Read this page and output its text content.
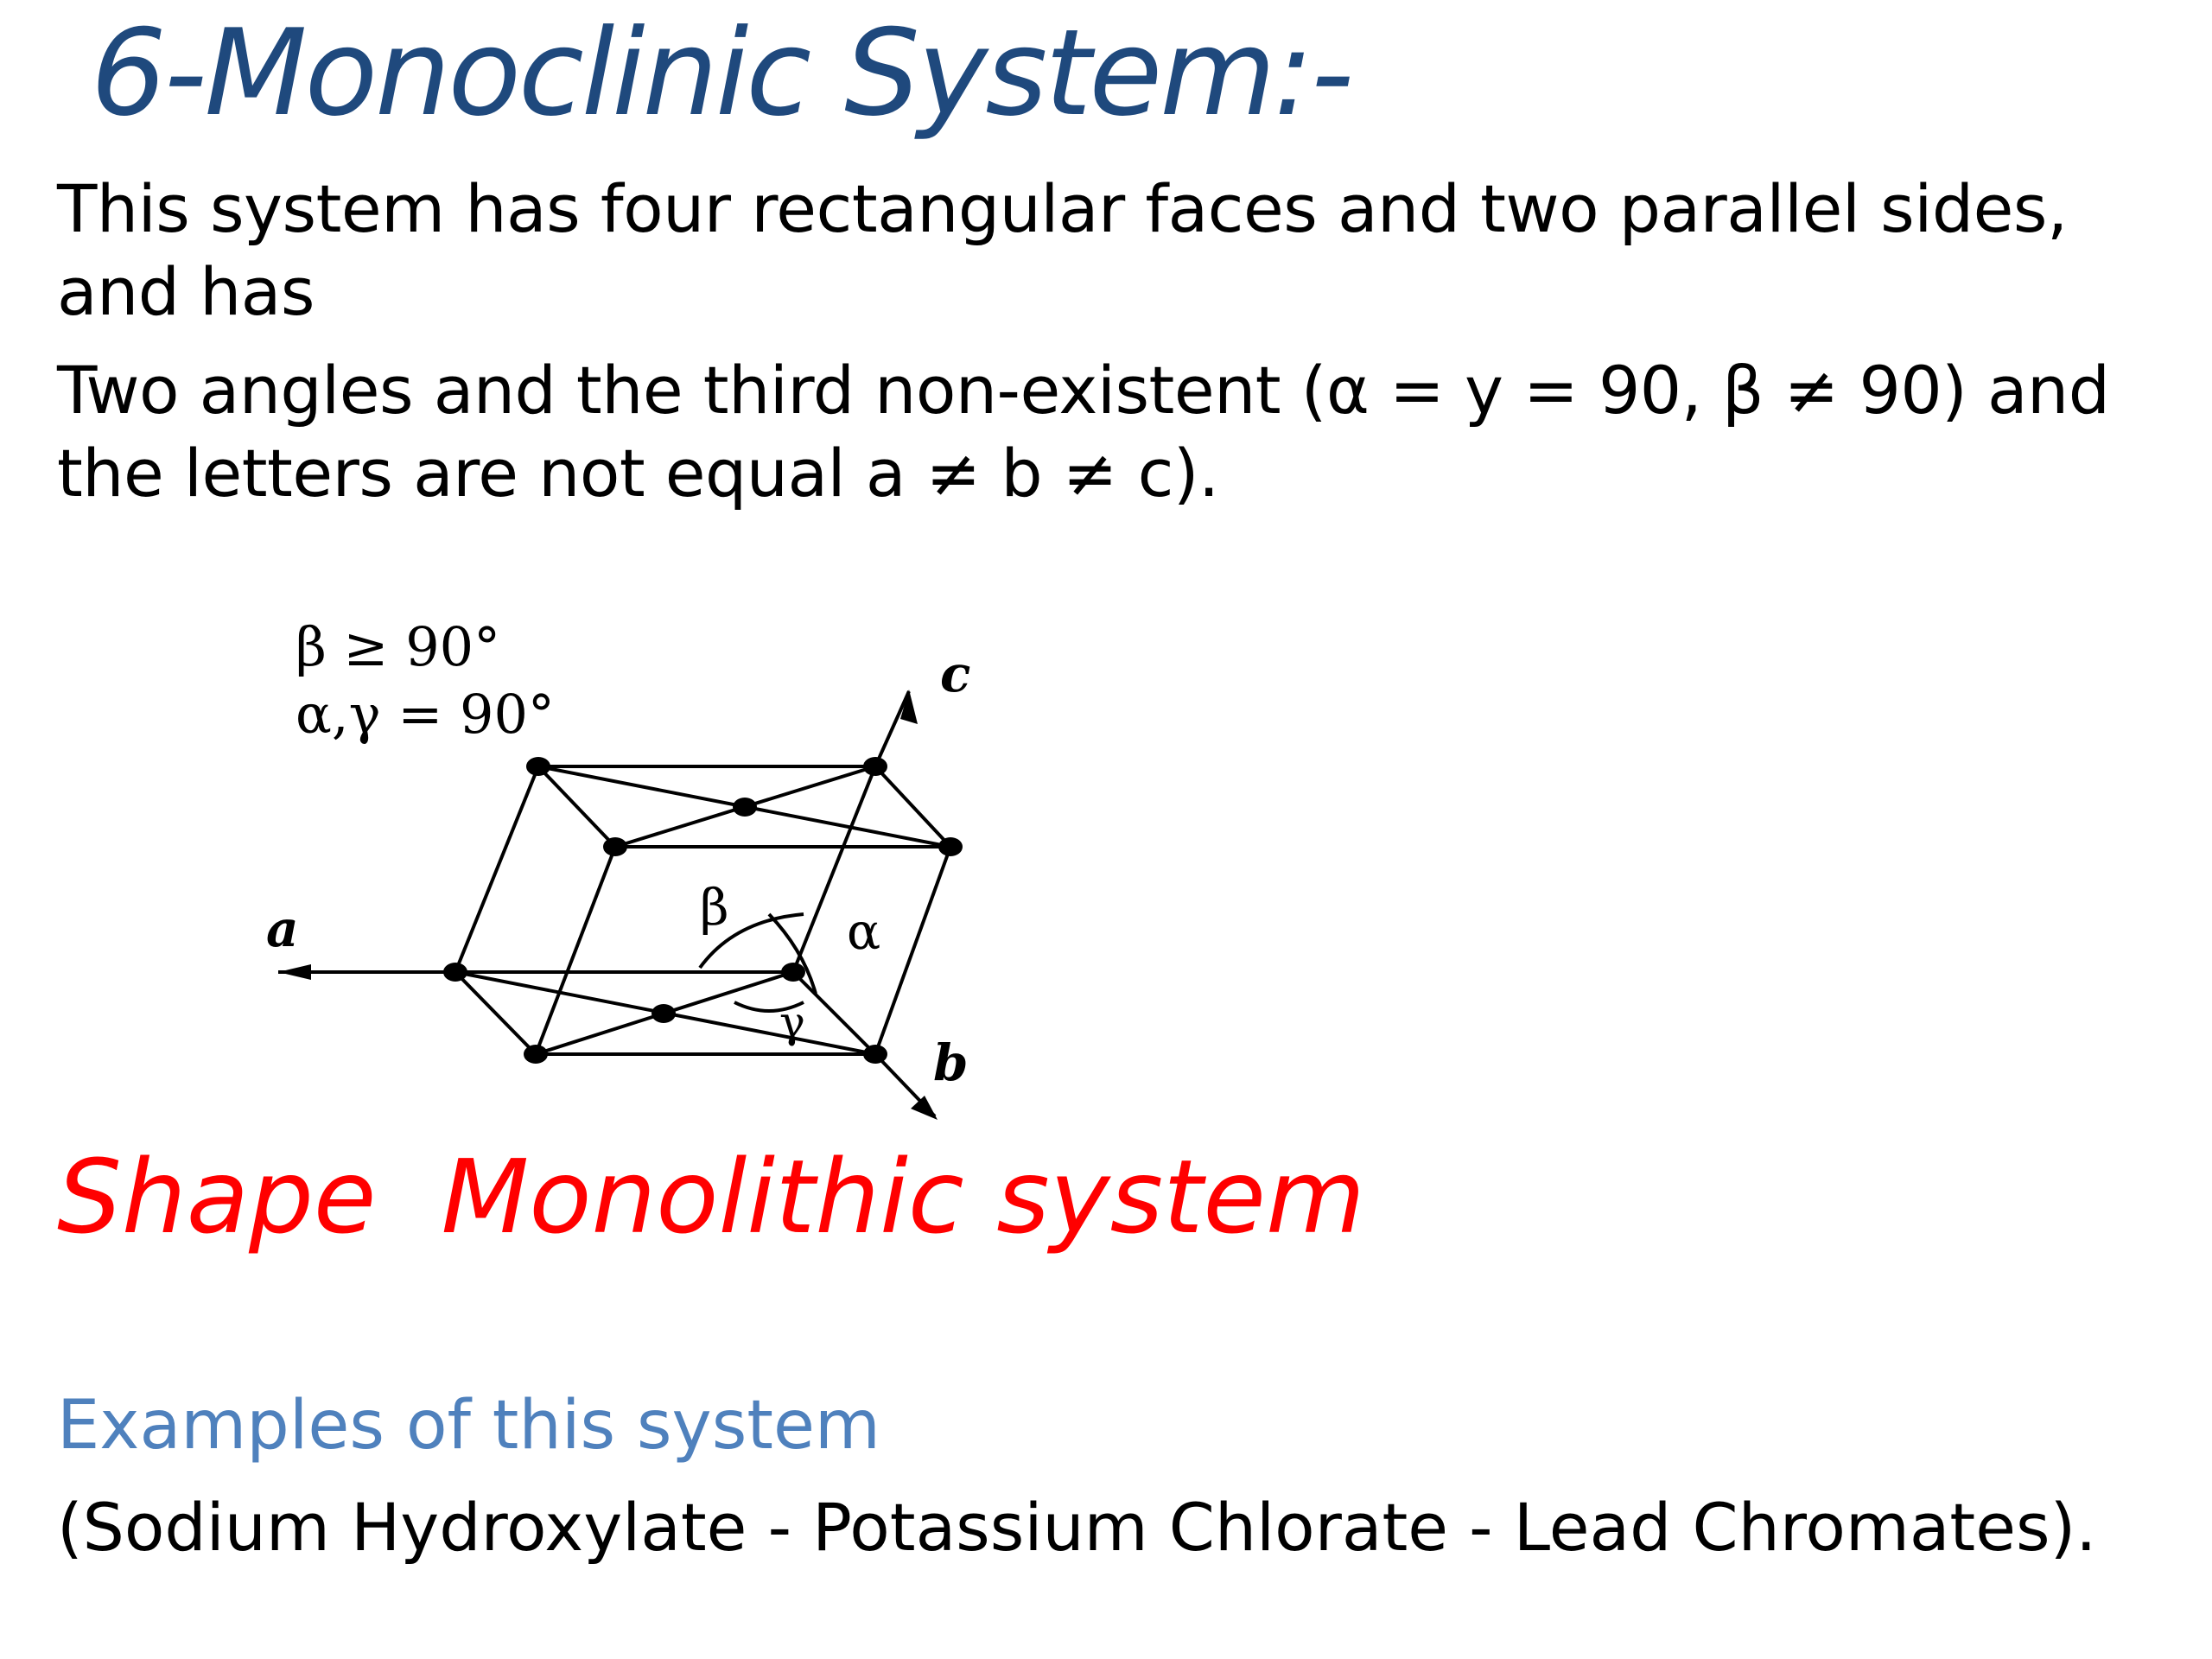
6-Monoclinic System:-
This system has four rectangular faces and two parallel sides, and has
Two angles and the third non-existent (α = y = 90, β ≠ 90) and the letters are not equal a ≠ b ≠ c).
β ≥ 90°
α,γ = 90°
a
c
b
β α
γ
Shape  Monolithic system
Examples of this system
(Sodium Hydroxylate - Potassium Chlorate - Lead Chromates).
